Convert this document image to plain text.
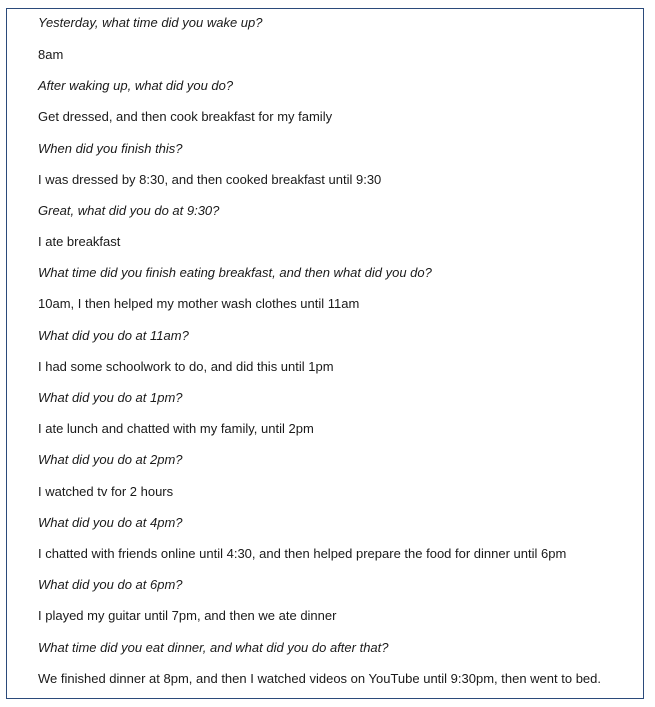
Yesterday, what time did you wake up?
8am
After waking up, what did you do?
Get dressed, and then cook breakfast for my family
When did you finish this?
I was dressed by 8:30, and then cooked breakfast until 9:30
Great, what did you do at 9:30?
I ate breakfast
What time did you finish eating breakfast, and then what did you do?
10am, I then helped my mother wash clothes until 11am
What did you do at 11am?
I had some schoolwork to do, and did this until 1pm
What did you do at 1pm?
I ate lunch and chatted with my family, until 2pm
What did you do at 2pm?
I watched tv for 2 hours
What did you do at 4pm?
I chatted with friends online until 4:30, and then helped prepare the food for dinner until 6pm
What did you do at 6pm?
I played my guitar until 7pm, and then we ate dinner
What time did you eat dinner, and what did you do after that?
We finished dinner at 8pm, and then I watched videos on YouTube until 9:30pm, then went to bed.
